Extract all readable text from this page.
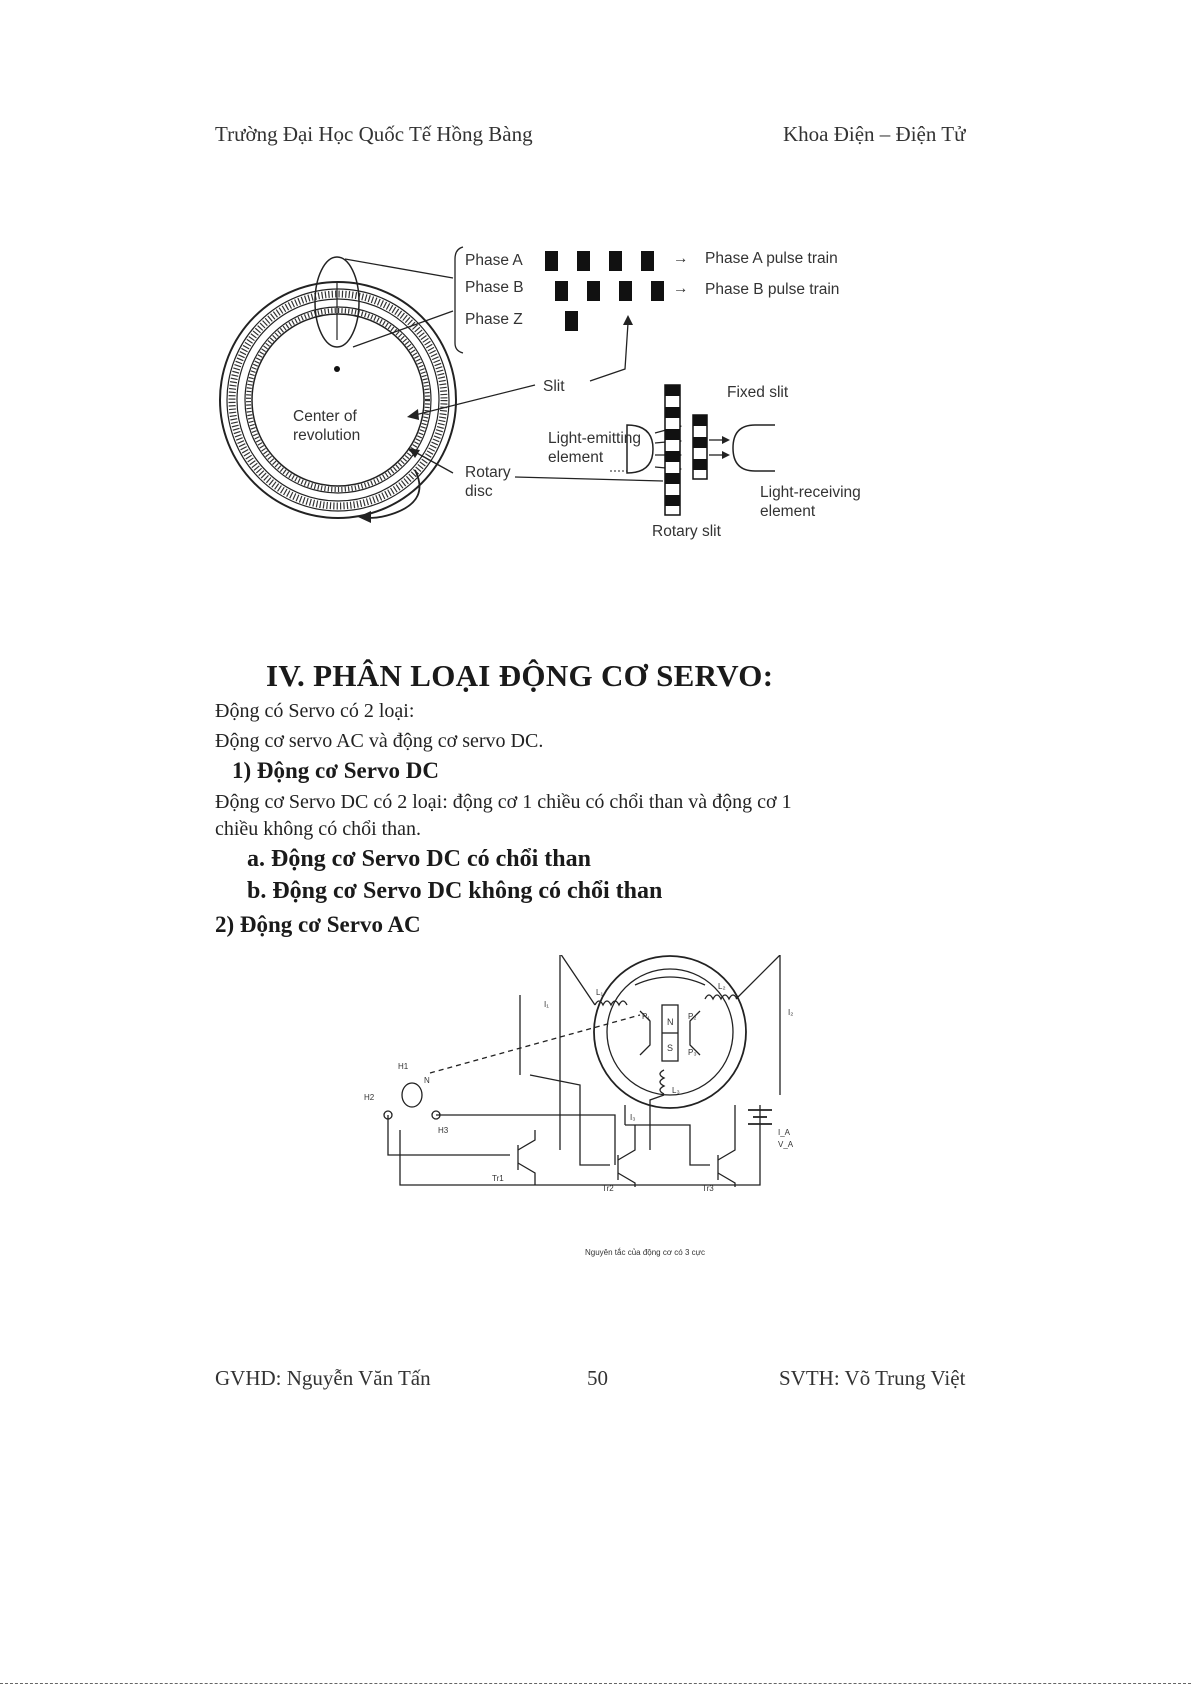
Trường Đại Học Quốc Tế Hồng Bàng	Khoa Điện – Điện Tử
Center of
revolution
Phase A
Phase B
Phase Z
→
→
Phase A pulse train
Phase B pulse train
Slit
Rotary
disc
Light-emitting
element
Rotary slit
Fixed slit
Light-receiving
element
IV. PHÂN LOẠI ĐỘNG CƠ SERVO:
Động có Servo có 2 loại:
Động cơ servo AC và động cơ servo DC.
1) Động cơ Servo DC
Động cơ Servo DC có 2 loại: động cơ 1 chiều có chổi than và động cơ 1
chiều không có chổi than.
a. Động cơ Servo DC có chổi than
b. Động cơ Servo DC không có chổi than
2) Động cơ Servo AC
N
S
L₁
L₂
L₃
P₁	P₂
P₃
I₁
I₂
I₃
I_A
V_A
H1
N
H2
H3
Tr1
Tr2	Tr3
Nguyên tắc của động cơ có 3 cực
GVHD: Nguyễn Văn Tấn	50	SVTH: Võ Trung Việt
